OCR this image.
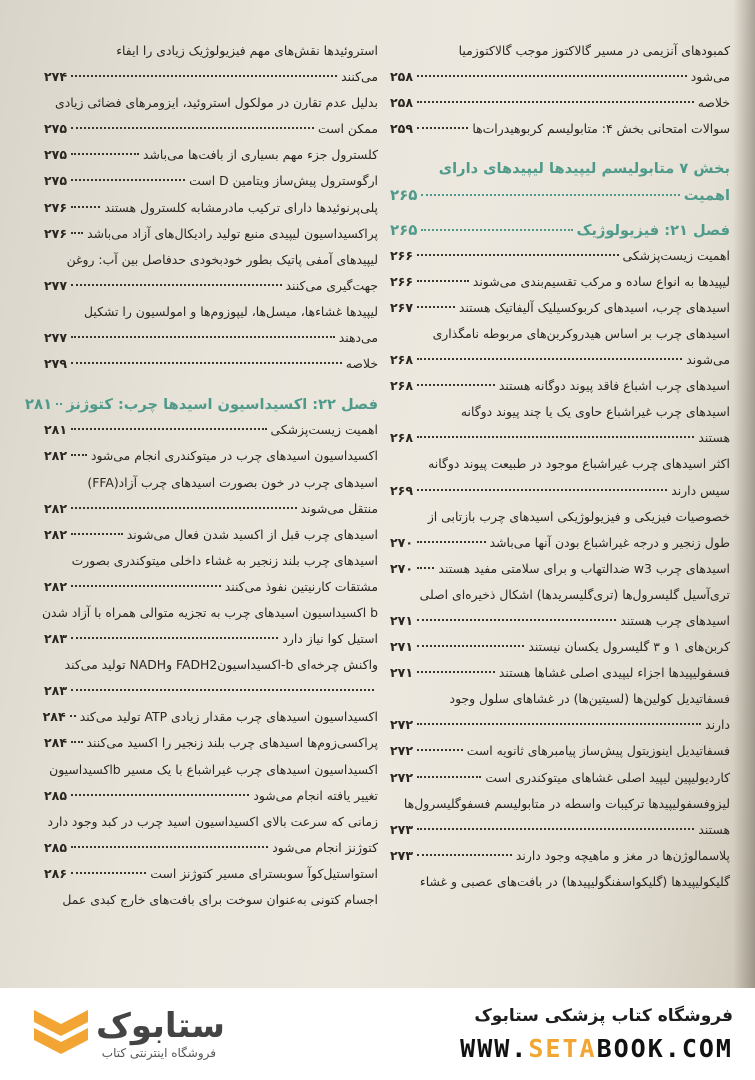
کمبودهای آنزیمی در مسیر گالاکتوز موجب گالاکتوزمیا
می‌شود
۲۵۸
خلاصه
۲۵۸
سوالات امتحانی بخش ۴: متابولیسم کربوهیدرات‌ها
۲۵۹
بخش ۷ متابولیسم لیپیدها لیپیدهای دارای
اهمیت
۲۶۵
فصل ۲۱: فیزیولوژیک
۲۶۵
اهمیت زیست‌پزشکی
۲۶۶
لیپیدها به انواع ساده و مرکب تقسیم‌بندی می‌شوند
۲۶۶
اسیدهای چرب، اسیدهای کربوکسیلیک آلیفاتیک هستند
۲۶۷
اسیدهای چرب بر اساس هیدروکربن‌های مربوطه نامگذاری
می‌شوند
۲۶۸
اسیدهای چرب اشباع فاقد پیوند دوگانه هستند
۲۶۸
اسیدهای چرب غیراشباع حاوی یک یا چند پیوند دوگانه
هستند
۲۶۸
اکثر اسیدهای چرب غیراشباع موجود در طبیعت پیوند دوگانه
سیس دارند
۲۶۹
خصوصیات فیزیکی و فیزیولوژیکی اسیدهای چرب بازتابی از
طول زنجیر و درجه غیراشباع بودن آنها می‌باشد
۲۷۰
اسیدهای چرب w3 ضدالتهاب و برای سلامتی مفید هستند
۲۷۰
تری‌آسیل گلیسرول‌ها (تری‌گلیسریدها) اشکال ذخیره‌ای اصلی
اسیدهای چرب هستند
۲۷۱
کربن‌های ۱ و ۳ گلیسرول یکسان نیستند
۲۷۱
فسفولیپیدها اجزاء لیپیدی اصلی غشاها هستند
۲۷۱
فسفاتیدیل کولین‌ها (لسیتین‌ها) در غشاهای سلول وجود
دارند
۲۷۲
فسفاتیدیل اینوزیتول پیش‌ساز پیامبرهای ثانویه است
۲۷۲
کاردیولیپین لیپید اصلی غشاهای میتوکندری است
۲۷۲
لیزوفسفولیپیدها ترکیبات واسطه در متابولیسم فسفوگلیسرول‌ها
هستند
۲۷۳
پلاسمالوژن‌ها در مغز و ماهیچه وجود دارند
۲۷۳
گلیکولیپیدها (گلیکواسفنگولیپیدها) در بافت‌های عصبی و غشاء
استروئیدها نقش‌های مهم فیزیولوژیک زیادی را ایفاء
می‌کنند
۲۷۴
بدلیل عدم تقارن در مولکول استروئید، ایزومرهای فضائی زیادی
ممکن است
۲۷۵
کلسترول جزء مهم بسیاری از بافت‌ها می‌باشد
۲۷۵
ارگوسترول پیش‌ساز ویتامین D است
۲۷۵
پلی‌پرنوئیدها دارای ترکیب مادرمشابه کلسترول هستند
۲۷۶
پراکسیداسیون لیپیدی منبع تولید رادیکال‌های آزاد می‌باشد
۲۷۶
لیپیدهای آمفی پاتیک بطور خودبخودی حدفاصل بین آب: روغن
جهت‌گیری می‌کنند
۲۷۷
لیپیدها غشاءها، میسل‌ها، لیپوزوم‌ها و امولسیون را تشکیل
می‌دهند
۲۷۷
خلاصه
۲۷۹
فصل ۲۲: اکسیداسیون اسیدها چرب: کتوژنز
۲۸۱
اهمیت زیست‌پزشکی
۲۸۱
اکسیداسیون اسیدهای چرب در میتوکندری انجام می‌شود
۲۸۲
اسیدهای چرب در خون بصورت اسیدهای چرب آزاد(FFA)
منتقل می‌شوند
۲۸۲
اسیدهای چرب قبل از اکسید شدن فعال می‌شوند
۲۸۲
اسیدهای چرب بلند زنجیر به غشاء داخلی میتوکندری بصورت
مشتقات کارنیتین نفوذ می‌کنند
۲۸۲
b اکسیداسیون اسیدهای چرب به تجزیه متوالی همراه با آزاد شدن
استیل کوا نیاز دارد
۲۸۳
واکنش چرخه‌ای b-اکسیداسیونFADH2 وNADH تولید می‌کند
۲۸۳
اکسیداسیون اسیدهای چرب مقدار زیادی ATP تولید می‌کند
۲۸۴
پراکسی‌زوم‌ها اسیدهای چرب بلند زنجیر را اکسید می‌کنند
۲۸۴
اکسیداسیون اسیدهای چرب غیراشباع با یک مسیر bاکسیداسیون
تغییر یافته انجام می‌شود
۲۸۵
زمانی که سرعت بالای اکسیداسیون اسید چرب در کبد وجود دارد
کتوژنز انجام می‌شود
۲۸۵
استواستیل‌کوآ سوبسترای مسیر کتوژنز است
۲۸۶
اجسام کتونی به‌عنوان سوخت برای بافت‌های خارج کبدی عمل
ستابوک
فروشگاه اینترنتی کتاب
فروشگاه کتاب پزشکی ستابوک
WWW.SETABOOK.COM
